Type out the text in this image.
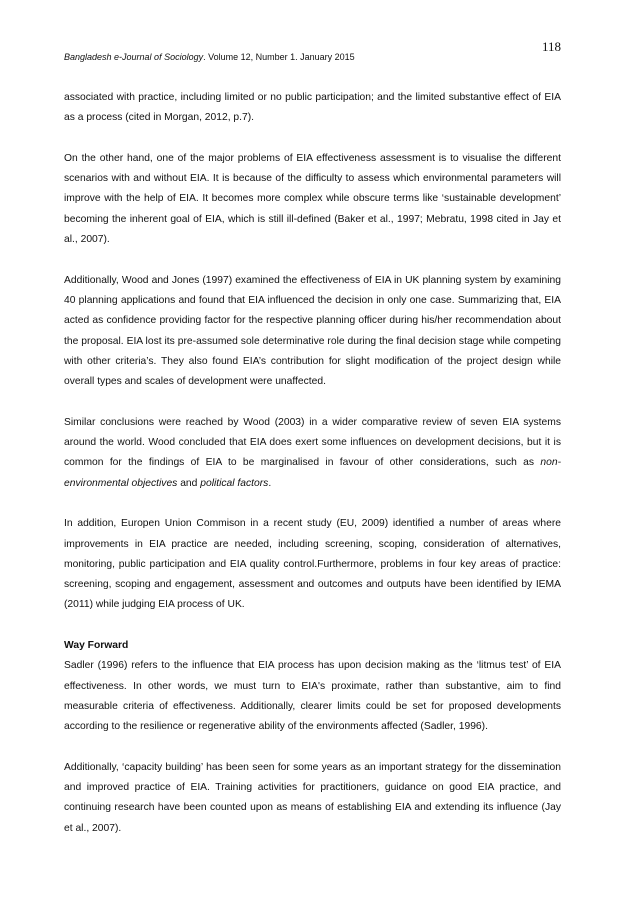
118
Bangladesh e-Journal of Sociology. Volume 12, Number 1. January 2015

associated with practice, including limited or no public participation; and the limited substantive effect of EIA as a process (cited in Morgan, 2012, p.7).

On the other hand, one of the major problems of EIA effectiveness assessment is to visualise the different scenarios with and without EIA. It is because of the difficulty to assess which environmental parameters will improve with the help of EIA. It becomes more complex while obscure terms like ‘sustainable development’ becoming the inherent goal of EIA, which is still ill-defined (Baker et al., 1997; Mebratu, 1998 cited in Jay et al., 2007).

Additionally, Wood and Jones (1997) examined the effectiveness of EIA in UK planning system by examining 40 planning applications and found that EIA influenced the decision in only one case. Summarizing that, EIA acted as confidence providing factor for the respective planning officer during his/her recommendation about the proposal. EIA lost its pre-assumed sole determinative role during the final decision stage while competing with other criteria’s. They also found EIA’s contribution for slight modification of the project design while overall types and scales of development were unaffected.

Similar conclusions were reached by Wood (2003) in a wider comparative review of seven EIA systems around the world. Wood concluded that EIA does exert some influences on development decisions, but it is common for the findings of EIA to be marginalised in favour of other considerations, such as non-environmental objectives and political factors.

In addition, Europen Union Commison in a recent study (EU, 2009) identified a number of areas where improvements in EIA practice are needed, including screening, scoping, consideration of alternatives, monitoring, public participation and EIA quality control.Furthermore, problems in four key areas of practice: screening, scoping and engagement, assessment and outcomes and outputs have been identified by IEMA (2011) while judging EIA process of UK.

Way Forward

Sadler (1996) refers to the influence that EIA process has upon decision making as the ‘litmus test’ of EIA effectiveness. In other words, we must turn to EIA's proximate, rather than substantive, aim to find measurable criteria of effectiveness. Additionally, clearer limits could be set for proposed developments according to the resilience or regenerative ability of the environments affected (Sadler, 1996).

Additionally, ‘capacity building’ has been seen for some years as an important strategy for the dissemination and improved practice of EIA. Training activities for practitioners, guidance on good EIA practice, and continuing research have been counted upon as means of establishing EIA and extending its influence (Jay et al., 2007).
